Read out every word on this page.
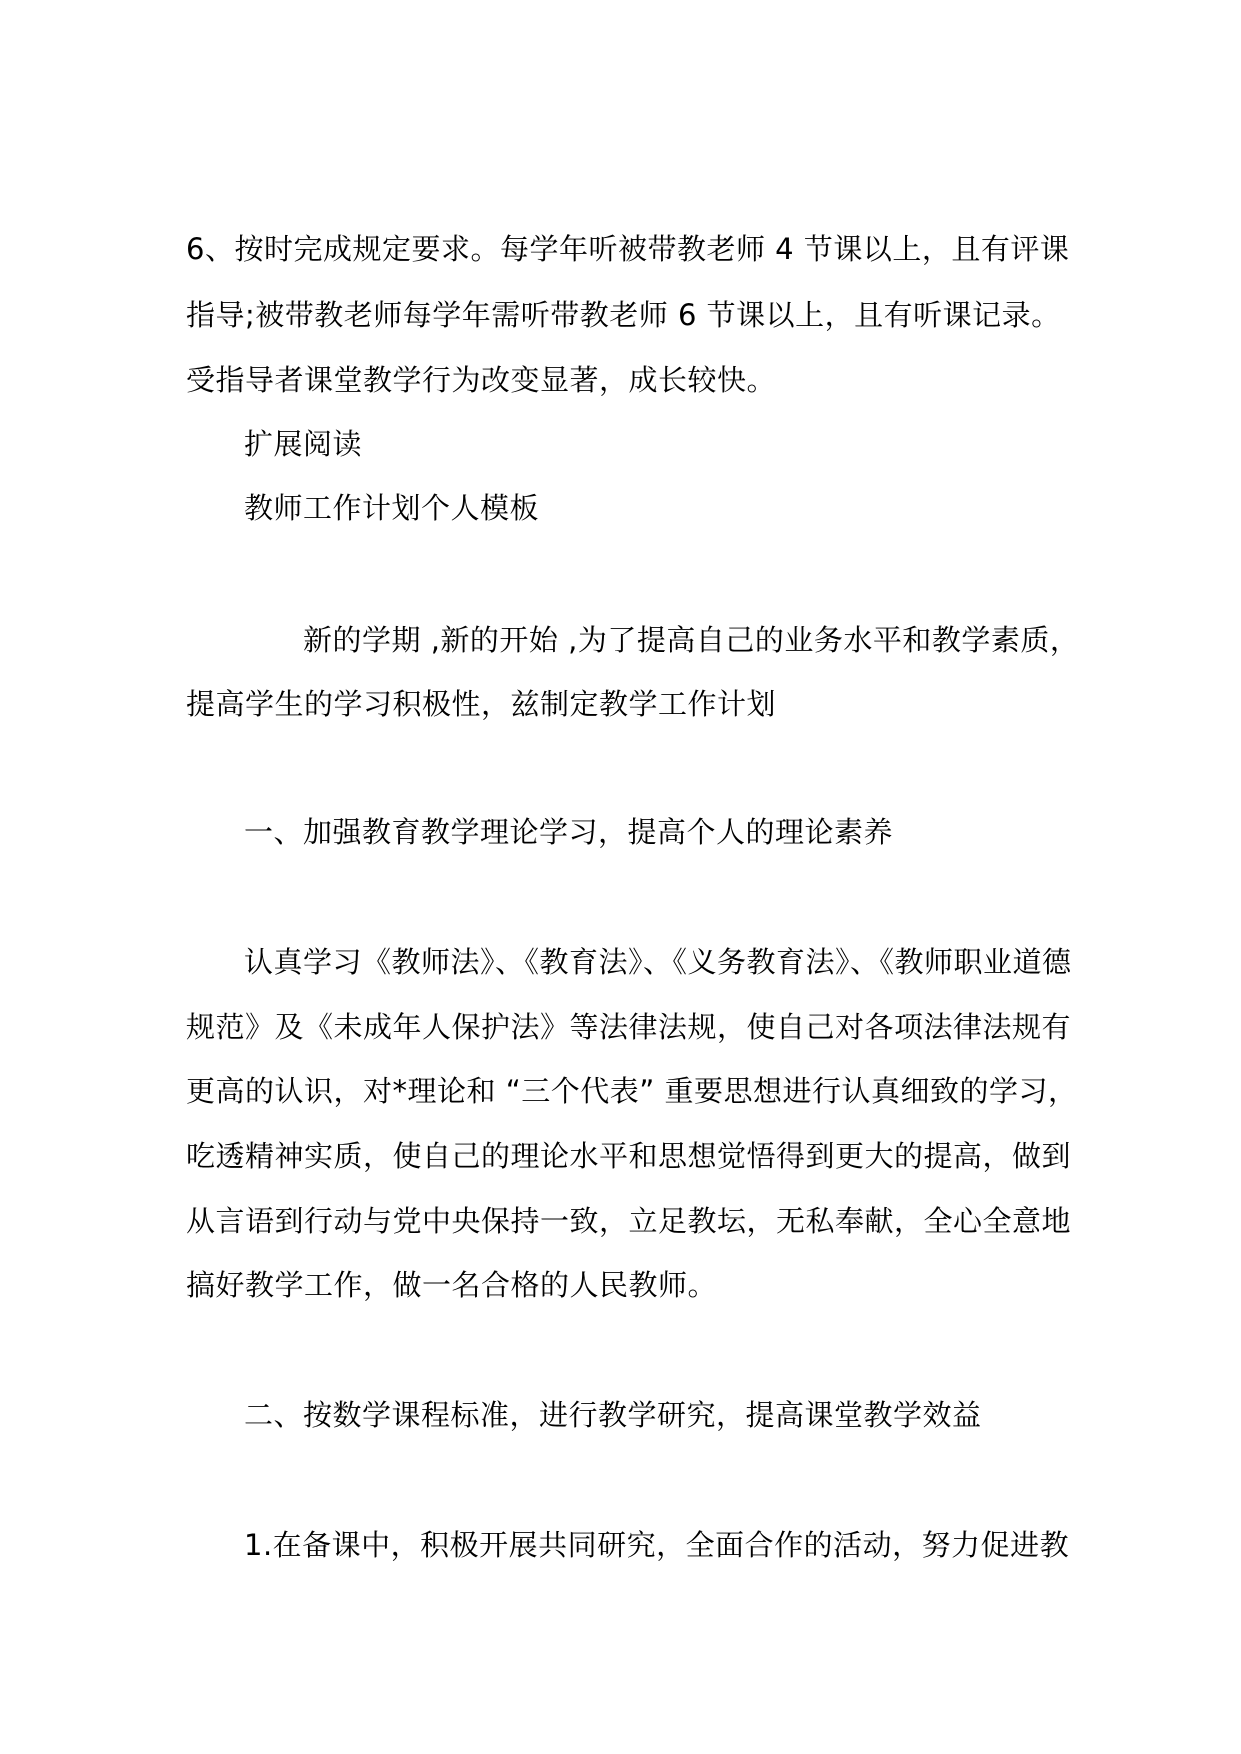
6、按时完成规定要求。每学年听被带教老师 4 节课以上，且有评课

指导;被带教老师每学年需听带教老师 6 节课以上，且有听课记录。

受指导者课堂教学行为改变显著，成长较快。

扩展阅读

教师工作计划个人模板

新的学期 ,新的开始 ,为了提高自己的业务水平和教学素质，

提高学生的学习积极性，兹制定教学工作计划

一、加强教育教学理论学习，提高个人的理论素养

认真学习《教师法》、《教育法》、《义务教育法》、《教师职业道德

规范》及《未成年人保护法》等法律法规，使自己对各项法律法规有

更高的认识，对*理论和 “三个代表” 重要思想进行认真细致的学习，

吃透精神实质，使自己的理论水平和思想觉悟得到更大的提高，做到

从言语到行动与党中央保持一致，立足教坛，无私奉献，全心全意地

搞好教学工作，做一名合格的人民教师。

二、按数学课程标准，进行教学研究，提高课堂教学效益

1.在备课中，积极开展共同研究，全面合作的活动，努力促进教
